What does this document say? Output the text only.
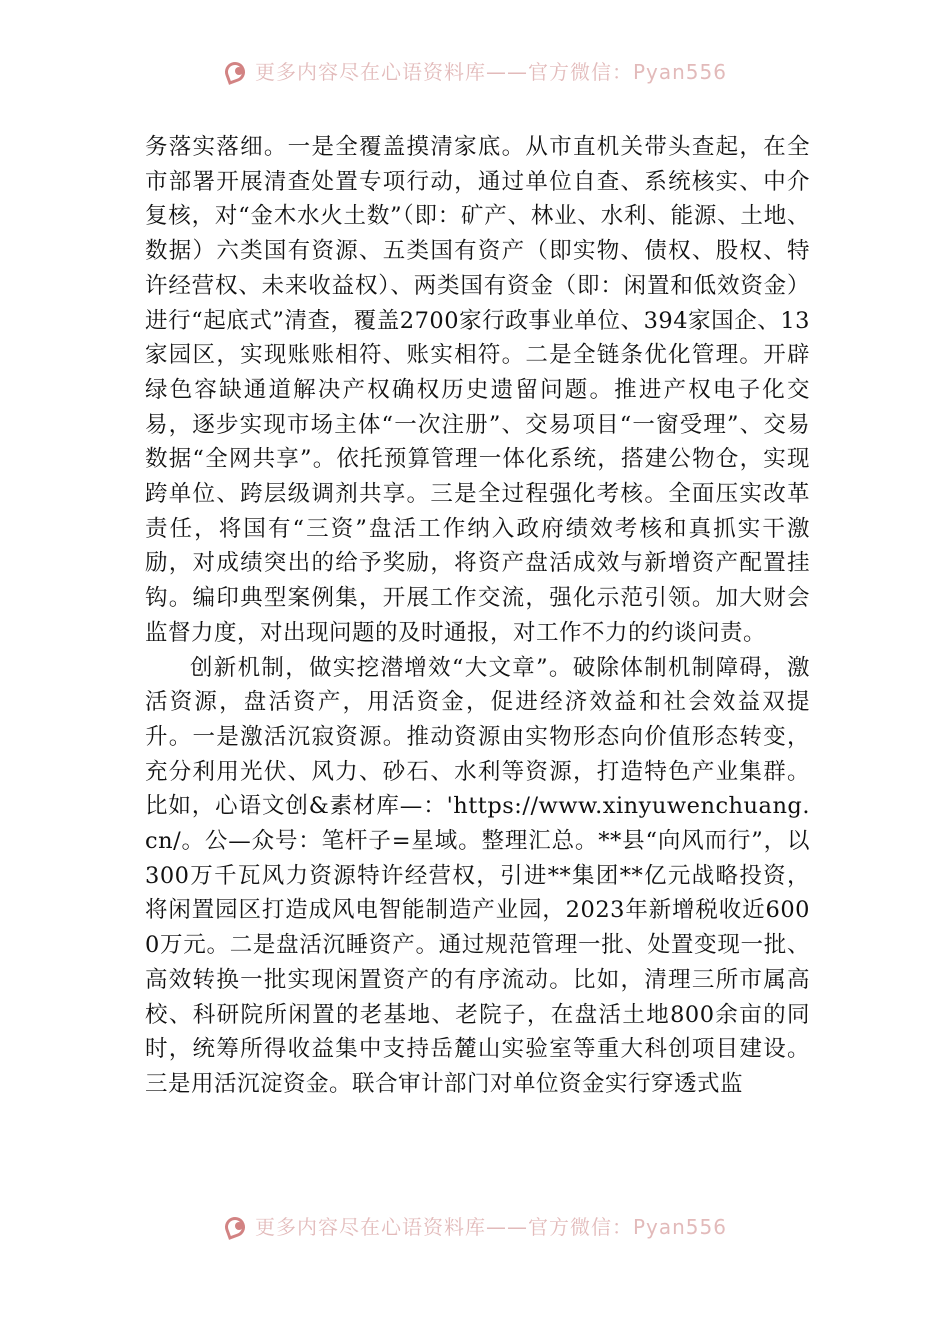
更多内容尽在心语资料库——官方微信：Pyan556

务落实落细。一是全覆盖摸清家底。从市直机关带头查起，在全市部署开展清查处置专项行动，通过单位自查、系统核实、中介复核，对“金木水火土数”（即：矿产、林业、水利、能源、土地、数据）六类国有资源、五类国有资产（即实物、债权、股权、特许经营权、未来收益权）、两类国有资金（即：闲置和低效资金）进行“起底式”清查，覆盖2700家行政事业单位、394家国企、13家园区，实现账账相符、账实相符。二是全链条优化管理。开辟绿色容缺通道解决产权确权历史遗留问题。推进产权电子化交易，逐步实现市场主体“一次注册”、交易项目“一窗受理”、交易数据“全网共享”。依托预算管理一体化系统，搭建公物仓，实现跨单位、跨层级调剂共享。三是全过程强化考核。全面压实改革责任，将国有“三资”盘活工作纳入政府绩效考核和真抓实干激励，对成绩突出的给予奖励，将资产盘活成效与新增资产配置挂钩。编印典型案例集，开展工作交流，强化示范引领。加大财会监督力度，对出现问题的及时通报，对工作不力的约谈问责。

创新机制，做实挖潜增效“大文章”。破除体制机制障碍，激活资源，盘活资产，用活资金，促进经济效益和社会效益双提升。一是激活沉寂资源。推动资源由实物形态向价值形态转变，充分利用光伏、风力、砂石、水利等资源，打造特色产业集群。比如，心语文创&素材库—：'https://www.xinyuwenchuang.cn/。公—众号：笔杆子=星域。整理汇总。**县“向风而行”，以300万千瓦风力资源特许经营权，引进**集团**亿元战略投资，将闲置园区打造成风电智能制造产业园，2023年新增税收近6000万元。二是盘活沉睡资产。通过规范管理一批、处置变现一批、高效转换一批实现闲置资产的有序流动。比如，清理三所市属高校、科研院所闲置的老基地、老院子，在盘活土地800余亩的同时，统筹所得收益集中支持岳麓山实验室等重大科创项目建设。三是用活沉淀资金。联合审计部门对单位资金实行穿透式监

更多内容尽在心语资料库——官方微信：Pyan556
